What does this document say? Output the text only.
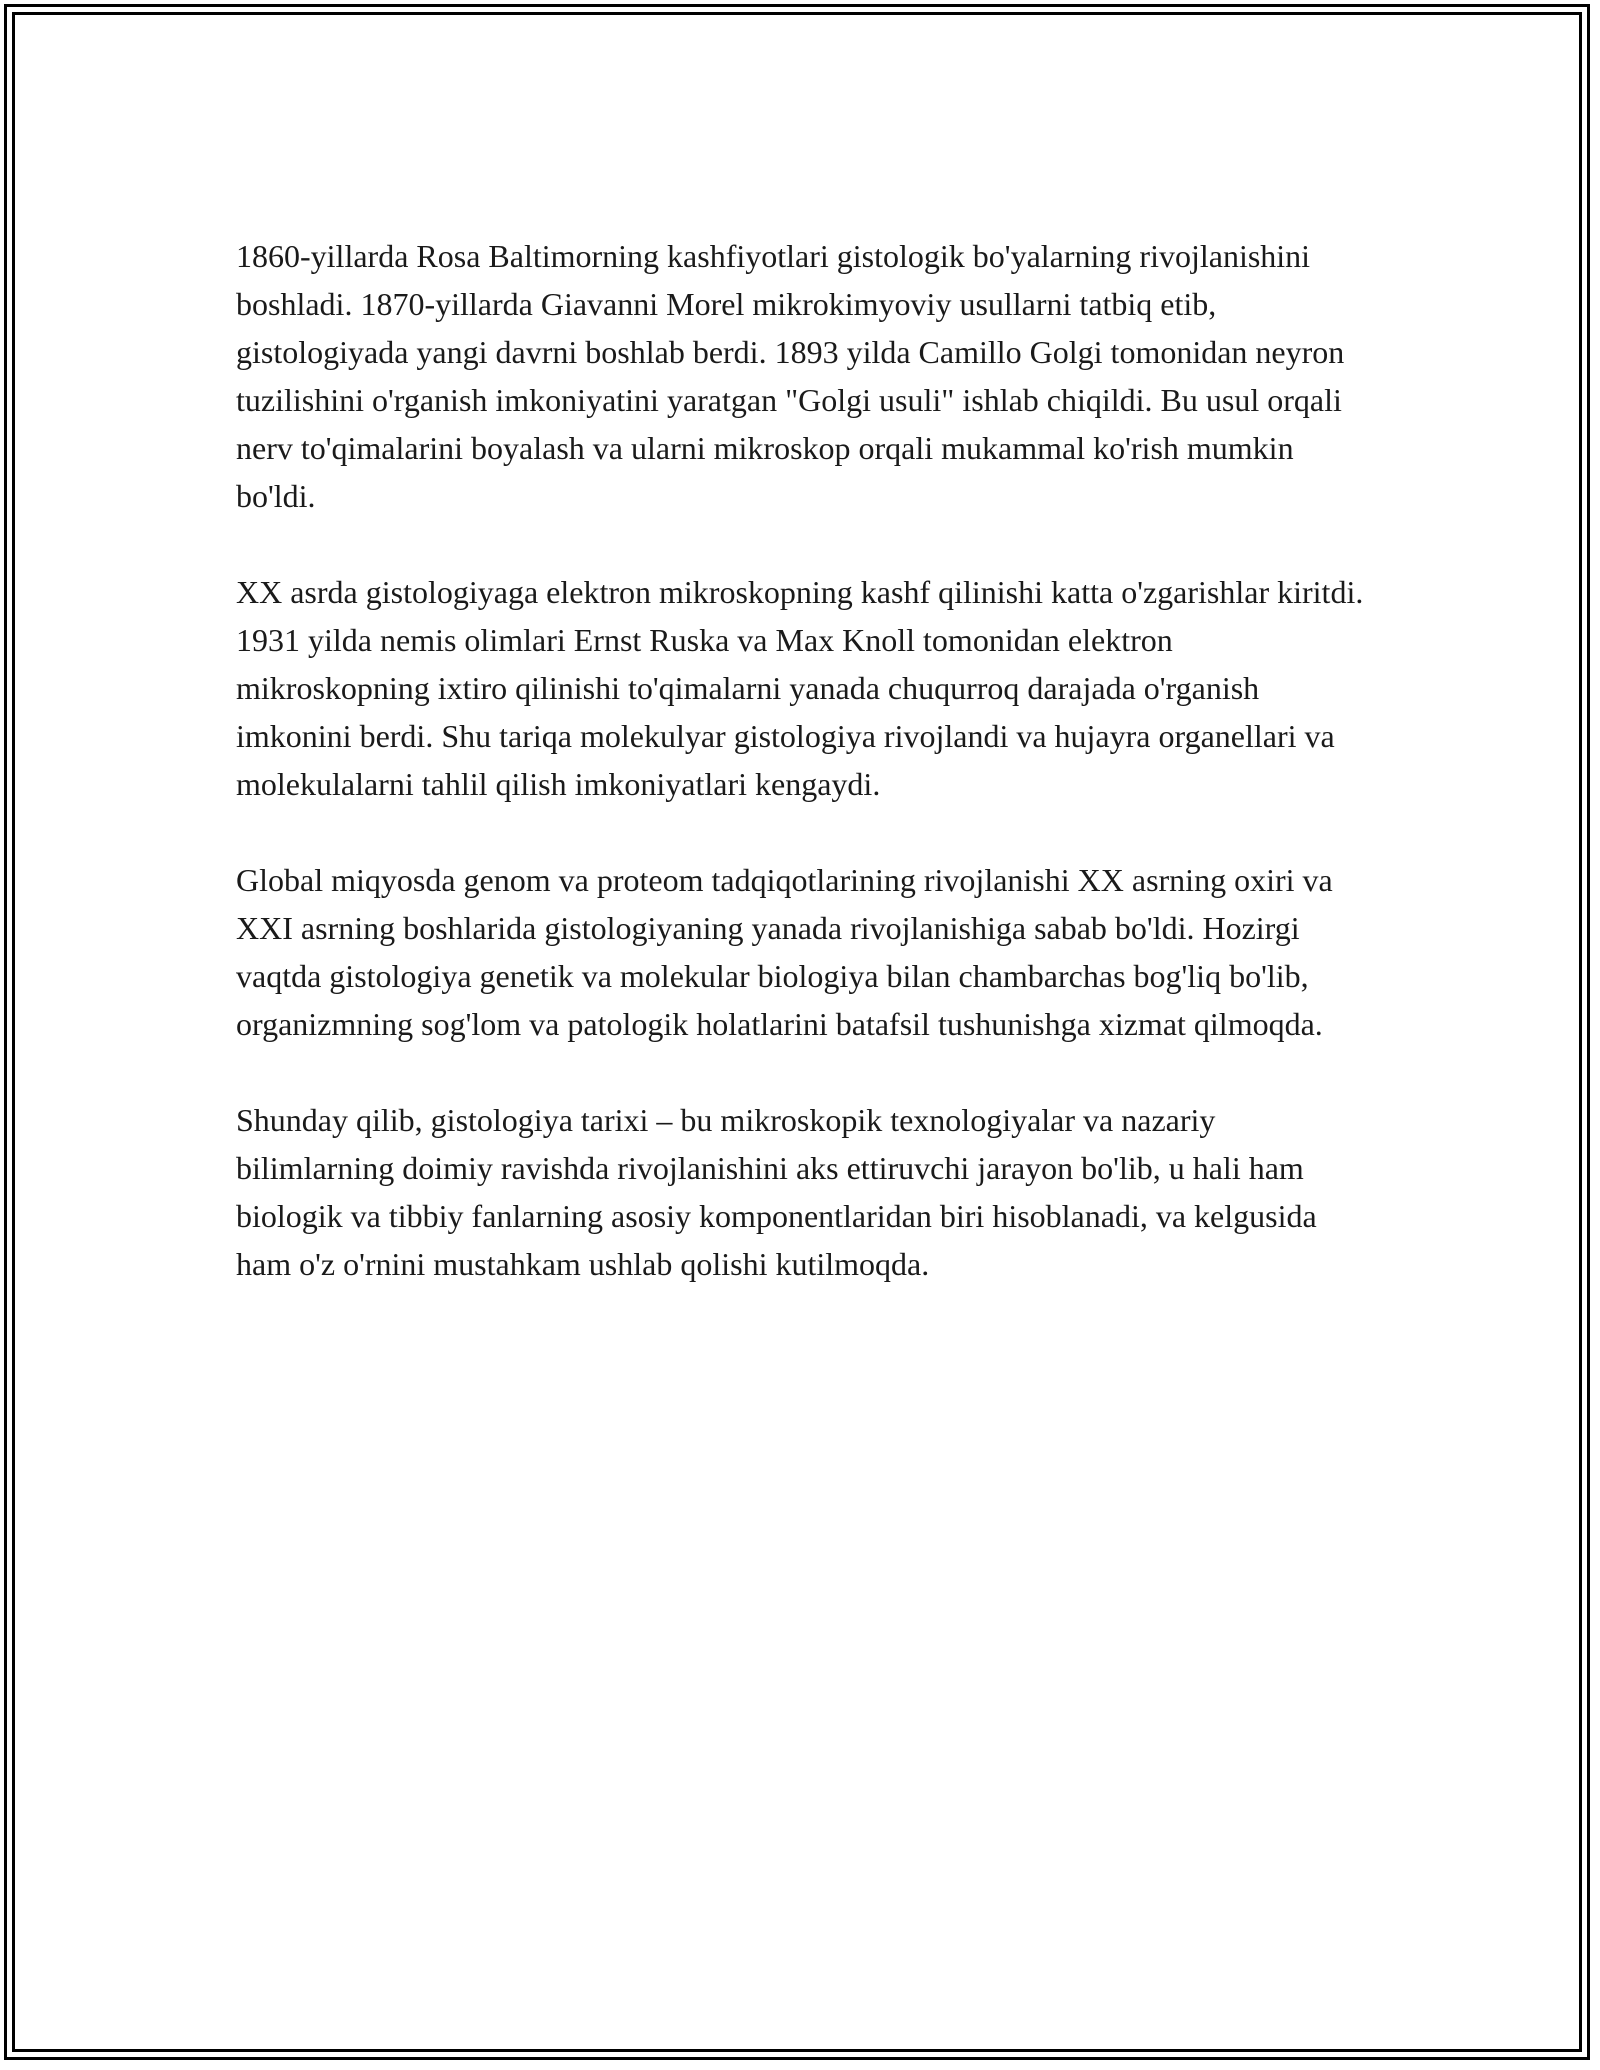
1860-yillarda Rosa Baltimorning kashfiyotlari gistologik bo'yalarning rivojlanishini boshladi. 1870-yillarda Giavanni Morel mikrokimyoviy usullarni tatbiq etib, gistologiyada yangi davrni boshlab berdi. 1893 yilda Camillo Golgi tomonidan neyron tuzilishini o'rganish imkoniyatini yaratgan "Golgi usuli" ishlab chiqildi. Bu usul orqali nerv to'qimalarini boyalash va ularni mikroskop orqali mukammal ko'rish mumkin bo'ldi.

XX asrda gistologiyaga elektron mikroskopning kashf qilinishi katta o'zgarishlar kiritdi. 1931 yilda nemis olimlari Ernst Ruska va Max Knoll tomonidan elektron mikroskopning ixtiro qilinishi to'qimalarni yanada chuqurroq darajada o'rganish imkonini berdi. Shu tariqa molekulyar gistologiya rivojlandi va hujayra organellari va molekulalarni tahlil qilish imkoniyatlari kengaydi.

Global miqyosda genom va proteom tadqiqotlarining rivojlanishi XX asrning oxiri va XXI asrning boshlarida gistologiyaning yanada rivojlanishiga sabab bo'ldi. Hozirgi vaqtda gistologiya genetik va molekular biologiya bilan chambarchas bog'liq bo'lib, organizmning sog'lom va patologik holatlarini batafsil tushunishga xizmat qilmoqda.

Shunday qilib, gistologiya tarixi – bu mikroskopik texnologiyalar va nazariy bilimlarning doimiy ravishda rivojlanishini aks ettiruvchi jarayon bo'lib, u hali ham biologik va tibbiy fanlarning asosiy komponentlaridan biri hisoblanadi, va kelgusida ham o'z o'rnini mustahkam ushlab qolishi kutilmoqda.
